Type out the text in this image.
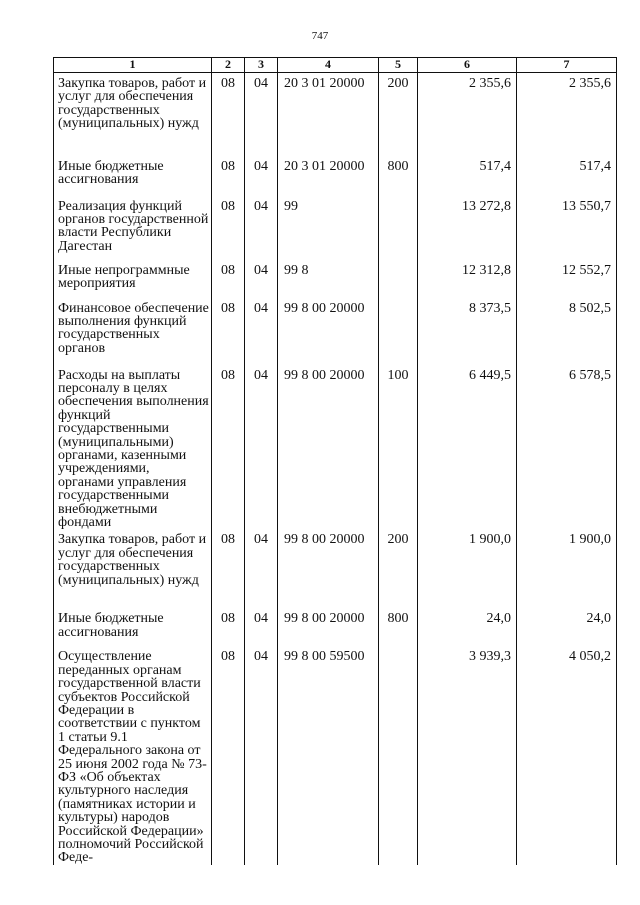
747
1	2	3	4	5	6	7
Закупка товаров, работ и услуг для обеспечения государственных (муниципальных) нужд	08	04	20 3 01 20000	200	2 355,6	2 355,6
Иные бюджетные ассигнования	08	04	20 3 01 20000	800	517,4	517,4
Реализация функций органов государственной власти Республики Дагестан	08	04	99		13 272,8	13 550,7
Иные непрограммные мероприятия	08	04	99 8		12 312,8	12 552,7
Финансовое обеспечение выполнения функций государственных органов	08	04	99 8 00 20000		8 373,5	8 502,5
Расходы на выплаты персоналу в целях обеспечения выполнения функций государственными (муниципальными) органами, казенными учреждениями, органами управления государственными внебюджетными фондами	08	04	99 8 00 20000	100	6 449,5	6 578,5
Закупка товаров, работ и услуг для обеспечения государственных (муниципальных) нужд	08	04	99 8 00 20000	200	1 900,0	1 900,0
Иные бюджетные ассигнования	08	04	99 8 00 20000	800	24,0	24,0
Осуществление переданных органам государственной власти субъектов Российской Федерации в соответствии с пунктом 1 статьи 9.1 Федерального закона от 25 июня 2002 года № 73-ФЗ «Об объектах культурного наследия (памятниках истории и культуры) народов Российской Федерации» полномочий Российской Феде-	08	04	99 8 00 59500		3 939,3	4 050,2
